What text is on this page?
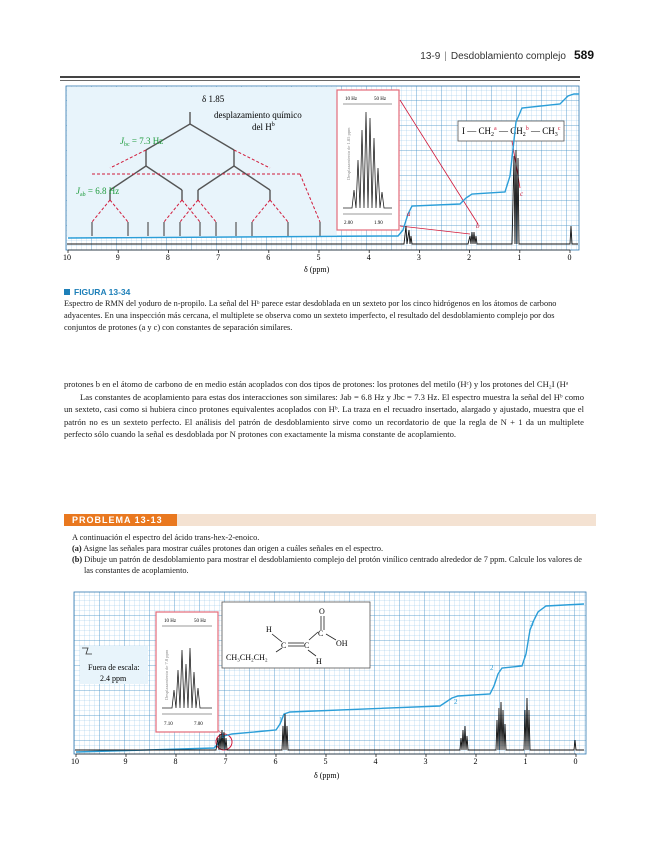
13-9 | Desdoblamiento complejo 589
δ 1.85
desplazamiento químico
del $H^b$
$J_{bc} = 7.3$ Hz
$J_{ab} = 6.8$ Hz
10 Hz	50 Hz
Desplazamiento de 1.85 ppm
2.00	1.90
I — $CH_2^a$ — $CH_2^b$ — $CH_3^c$
a
b
c
10	9	8	7	6	5	4	3	2	1	0
δ (ppm)
FIGURA 13-34
Espectro de RMN del yoduro de n-propilo. La señal del Hᵇ parece estar desdoblada en un sexteto por los cinco hidrógenos en los átomos de carbono adyacentes. En una inspección más cercana, el multiplete se observa como un sexteto imperfecto, el resultado del desdoblamiento complejo por dos conjuntos de protones (a y c) con constantes de separación similares.

protones b en el átomo de carbono de en medio están acoplados con dos tipos de protones: los protones del metilo (Hᶜ) y los protones del CH₂I (Hᵃ

Las constantes de acoplamiento para estas dos interacciones son similares: Jab = 6.8 Hz y Jbc = 7.3 Hz. El espectro muestra la señal del Hᵇ como un sexteto, casi como si hubiera cinco protones equivalentes acoplados con Hᵇ. La traza en el recuadro insertado, alargado y ajustado, muestra que el patrón no es un sexteto perfecto. El análisis del patrón de desdoblamiento sirve como un recordatorio de que la regla de N + 1 da un multiplete perfecto sólo cuando la señal es desdoblada por N protones con exactamente la misma constante de acoplamiento.

PROBLEMA 13-13

A continuación el espectro del ácido trans-hex-2-enoico.

(a) Asigne las señales para mostrar cuáles protones dan origen a cuáles señales en el espectro.

(b) Dibuje un patrón de desdoblamiento para mostrar el desdoblamiento complejo del protón vinílico centrado alrededor de 7 ppm. Calcule los valores de las constantes de acoplamiento.

Fuera de escala:
2.4 ppm
10 Hz	50 Hz
Desplazamiento de 7.0 ppm
7.10	7.00
O
H
C C
C
OH
CH₃CH₂CH₂	H
1
1
2
2
3
10	9	8	7	6	5	4	3	2	1	0
δ (ppm)
